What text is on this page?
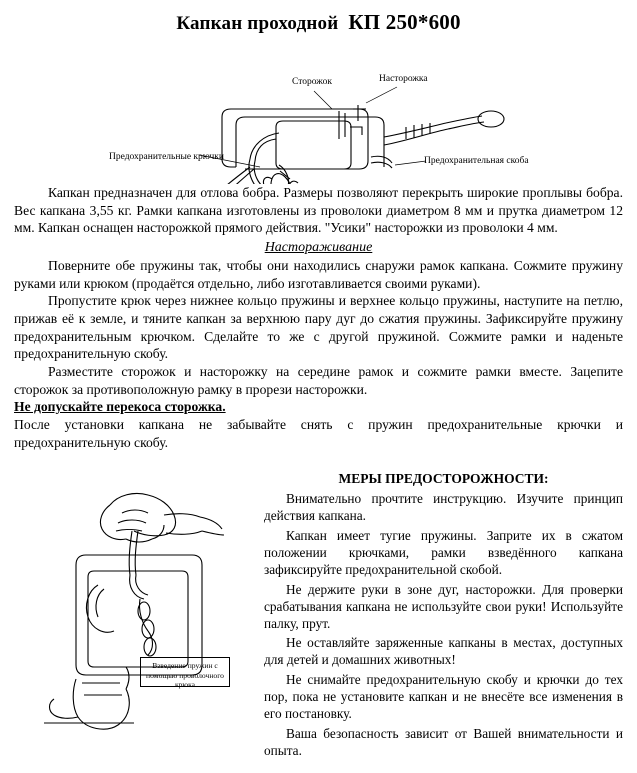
Капкан проходной КП 250*600
Сторожок	Насторожка
Предохранительные крючки	Предохранительная скоба

Капкан предназначен для отлова бобра. Размеры позволяют перекрыть широкие проплывы бобра. Вес капкана 3,55 кг. Рамки капкана изготовлены из проволоки диаметром 8 мм и прутка диаметром 12 мм. Капкан оснащен насторожкой прямого действия. "Усики" насторожки из проволоки 4 мм.

Настораживание

Поверните обе пружины так, чтобы они находились снаружи рамок капкана. Сожмите пружину руками или крюком (продаётся отдельно, либо изготавливается своими руками).

Пропустите крюк через нижнее кольцо пружины и верхнее кольцо пружины, наступите на петлю, прижав её к земле, и тяните капкан за верхнюю пару дуг до сжатия пружины. Зафиксируйте пружину предохранительным крючком. Сделайте то же с другой пружиной. Сожмите рамки и наденьте предохранительную скобу.

Разместите сторожок и насторожку на середине рамок и сожмите рамки вместе. Зацепите сторожок за противоположную рамку в прорези насторожки.

Не допускайте перекоса сторожка.

После установки капкана не забывайте снять с пружин предохранительные крючки и предохранительную скобу.

Взведение пружин с помощью проволочного крюка
МЕРЫ ПРЕДОСТОРОЖНОСТИ:

Внимательно прочтите инструкцию. Изучите принцип действия капкана.

Капкан имеет тугие пружины. Заприте их в сжатом положении крючками, рамки взведённого капкана зафиксируйте предохранительной скобой.

Не держите руки в зоне дуг, насторожки. Для проверки срабатывания капкана не используйте свои руки! Используйте палку, прут.

Не оставляйте заряженные капканы в местах, доступных для детей и домашних животных!

Не снимайте предохранительную скобу и крючки до тех пор, пока не установите капкан и не внесёте все изменения в его постановку.

Ваша безопасность зависит от Вашей внимательности и опыта.
